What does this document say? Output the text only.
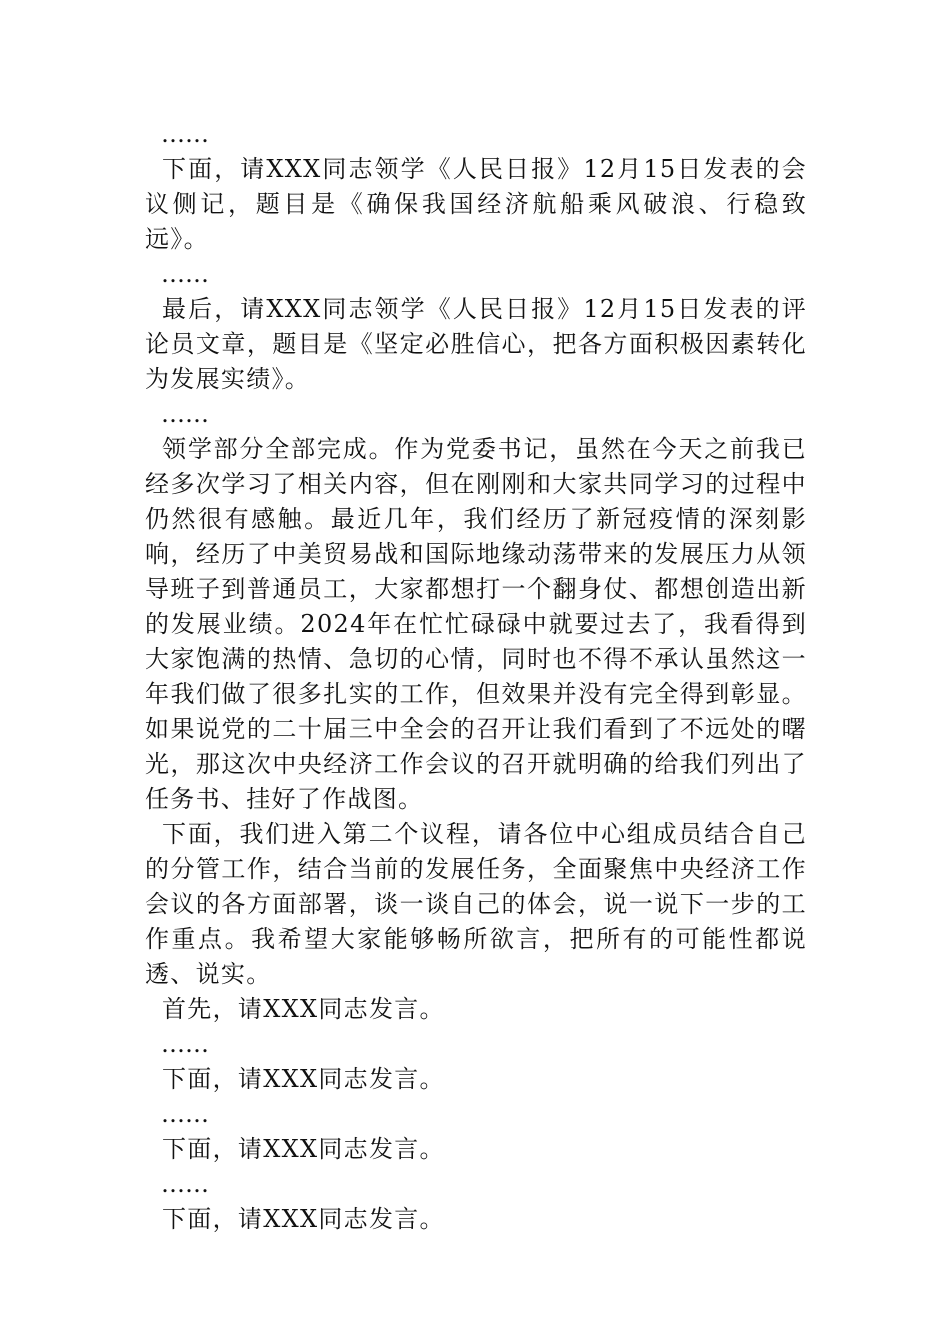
……

下面，请XXX同志领学《人民日报》12月15日发表的会议侧记，题目是《确保我国经济航船乘风破浪、行稳致远》。

……

最后，请XXX同志领学《人民日报》12月15日发表的评论员文章，题目是《坚定必胜信心，把各方面积极因素转化为发展实绩》。

……

领学部分全部完成。作为党委书记，虽然在今天之前我已经多次学习了相关内容，但在刚刚和大家共同学习的过程中仍然很有感触。最近几年，我们经历了新冠疫情的深刻影响，经历了中美贸易战和国际地缘动荡带来的发展压力从领导班子到普通员工，大家都想打一个翻身仗、都想创造出新的发展业绩。2024年在忙忙碌碌中就要过去了，我看得到大家饱满的热情、急切的心情，同时也不得不承认虽然这一年我们做了很多扎实的工作，但效果并没有完全得到彰显。如果说党的二十届三中全会的召开让我们看到了不远处的曙光，那这次中央经济工作会议的召开就明确的给我们列出了任务书、挂好了作战图。

下面，我们进入第二个议程，请各位中心组成员结合自己的分管工作，结合当前的发展任务，全面聚焦中央经济工作会议的各方面部署，谈一谈自己的体会，说一说下一步的工作重点。我希望大家能够畅所欲言，把所有的可能性都说透、说实。

首先，请XXX同志发言。

……

下面，请XXX同志发言。

……

下面，请XXX同志发言。

……

下面，请XXX同志发言。
